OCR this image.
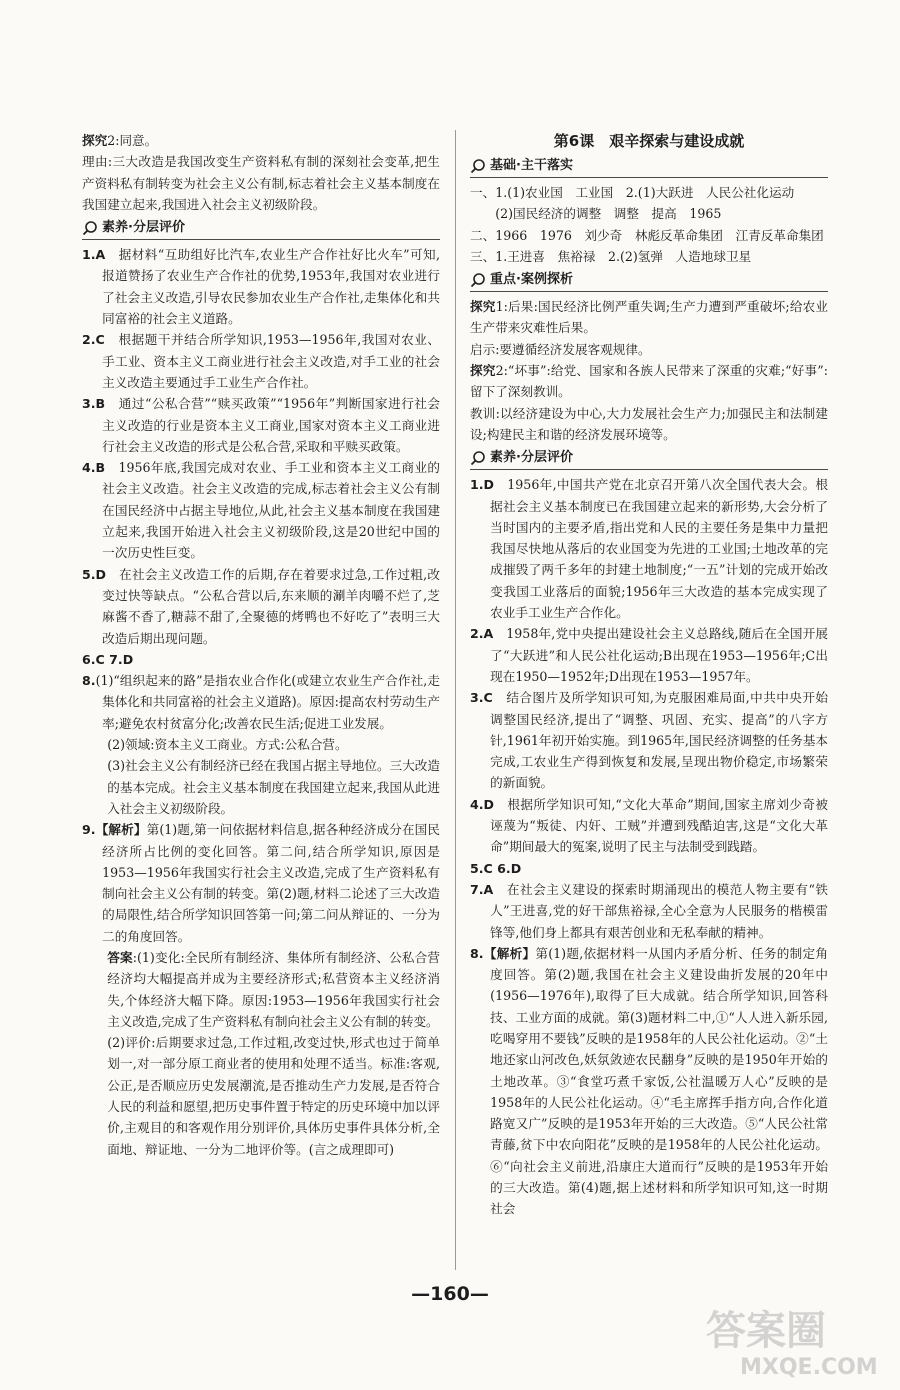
探究2:同意。

理由:三大改造是我国改变生产资料私有制的深刻社会变革,把生产资料私有制转变为社会主义公有制,标志着社会主义基本制度在我国建立起来,我国进入社会主义初级阶段。

素养·分层评价

1.A　 据材料“互助组好比汽车,农业生产合作社好比火车”可知,报道赞扬了农业生产合作社的优势,1953年,我国对农业进行了社会主义改造,引导农民参加农业生产合作社,走集体化和共同富裕的社会主义道路。

2.C　 根据题干并结合所学知识,1953—1956年,我国对农业、手工业、资本主义工商业进行社会主义改造,对手工业的社会主义改造主要通过手工业生产合作社。

3.B　 通过“公私合营”“赎买政策”“1956年”判断国家进行社会主义改造的行业是资本主义工商业,国家对资本主义工商业进行社会主义改造的形式是公私合营,采取和平赎买政策。

4.B　 1956年底,我国完成对农业、手工业和资本主义工商业的社会主义改造。社会主义改造的完成,标志着社会主义公有制在国民经济中占据主导地位,从此,社会主义基本制度在我国建立起来,我国开始进入社会主义初级阶段,这是20世纪中国的一次历史性巨变。

5.D　 在社会主义改造工作的后期,存在着要求过急,工作过粗,改变过快等缺点。“公私合营以后,东来顺的涮羊肉嚼不烂了,芝麻酱不香了,糖蒜不甜了,全聚德的烤鸭也不好吃了”表明三大改造后期出现问题。

6.C 7.D

8.(1)“组织起来的路”是指农业合作化(或建立农业生产合作社,走集体化和共同富裕的社会主义道路)。原因:提高农村劳动生产率;避免农村贫富分化;改善农民生活;促进工业发展。

(2)领域:资本主义工商业。方式:公私合营。

(3)社会主义公有制经济已经在我国占据主导地位。三大改造的基本完成。社会主义基本制度在我国建立起来,我国从此进入社会主义初级阶段。

9.【解析】第(1)题,第一问依据材料信息,据各种经济成分在国民经济所占比例的变化回答。第二问,结合所学知识,原因是1953—1956年我国实行社会主义改造,完成了生产资料私有制向社会主义公有制的转变。第(2)题,材料二论述了三大改造的局限性,结合所学知识回答第一问;第二问从辩证的、一分为二的角度回答。

答案:(1)变化:全民所有制经济、集体所有制经济、公私合营经济均大幅提高并成为主要经济形式;私营资本主义经济消失,个体经济大幅下降。原因:1953—1956年我国实行社会主义改造,完成了生产资料私有制向社会主义公有制的转变。

(2)评价:后期要求过急,工作过粗,改变过快,形式也过于简单划一,对一部分原工商业者的使用和处理不适当。标准:客观,公正,是否顺应历史发展潮流,是否推动生产力发展,是否符合人民的利益和愿望,把历史事件置于特定的历史环境中加以评价,主观目的和客观作用分别评价,具体历史事件具体分析,全面地、辩证地、一分为二地评价等。(言之成理即可)

第6课　艰辛探索与建设成就

基础·主干落实

一、1.(1)农业国　工业国　2.(1)大跃进　人民公社化运动

(2)国民经济的调整　调整　提高　1965

二、1966　1976　刘少奇　林彪反革命集团　江青反革命集团

三、1.王进喜　焦裕禄　2.(2)氢弹　人造地球卫星

重点·案例探析

探究1:后果:国民经济比例严重失调;生产力遭到严重破坏;给农业生产带来灾难性后果。

启示:要遵循经济发展客观规律。

探究2:“坏事”:给党、国家和各族人民带来了深重的灾难;“好事”:留下了深刻教训。

教训:以经济建设为中心,大力发展社会生产力;加强民主和法制建设;构建民主和谐的经济发展环境等。

素养·分层评价

1.D　 1956年,中国共产党在北京召开第八次全国代表大会。根据社会主义基本制度已在我国建立起来的新形势,大会分析了当时国内的主要矛盾,指出党和人民的主要任务是集中力量把我国尽快地从落后的农业国变为先进的工业国;土地改革的完成摧毁了两千多年的封建土地制度;“一五”计划的完成开始改变我国工业落后的面貌;1956年三大改造的基本完成实现了农业手工业生产合作化。

2.A　 1958年,党中央提出建设社会主义总路线,随后在全国开展了“大跃进”和人民公社化运动;B出现在1953—1956年;C出现在1950—1952年;D出现在1953—1957年。

3.C　 结合图片及所学知识可知,为克服困难局面,中共中央开始调整国民经济,提出了“调整、巩固、充实、提高”的八字方针,1961年初开始实施。到1965年,国民经济调整的任务基本完成,工农业生产得到恢复和发展,呈现出物价稳定,市场繁荣的新面貌。

4.D　 根据所学知识可知,“文化大革命”期间,国家主席刘少奇被诬蔑为“叛徒、内奸、工贼”并遭到残酷迫害,这是“文化大革命”期间最大的冤案,说明了民主与法制受到践踏。

5.C 6.D

7.A　 在社会主义建设的探索时期涌现出的模范人物主要有“铁人”王进喜,党的好干部焦裕禄,全心全意为人民服务的楷模雷锋等,他们身上都具有艰苦创业和无私奉献的精神。

8.【解析】第(1)题,依据材料一从国内矛盾分析、任务的制定角度回答。第(2)题,我国在社会主义建设曲折发展的20年中(1956—1976年),取得了巨大成就。结合所学知识,回答科技、工业方面的成就。第(3)题材料二中,①“人人进入新乐园,吃喝穿用不要钱”反映的是1958年的人民公社化运动。②“土地还家山河改色,妖氛敛迹农民翻身”反映的是1950年开始的土地改革。③“食堂巧煮千家饭,公社温暖万人心”反映的是1958年的人民公社化运动。④“毛主席挥手指方向,合作化道路宽又广”反映的是1953年开始的三大改造。⑤“人民公社常青藤,贫下中农向阳花”反映的是1958年的人民公社化运动。⑥“向社会主义前进,沿康庄大道而行”反映的是1953年开始的三大改造。第(4)题,据上述材料和所学知识可知,这一时期社会

—160—
答案圈
MXQE.COM
